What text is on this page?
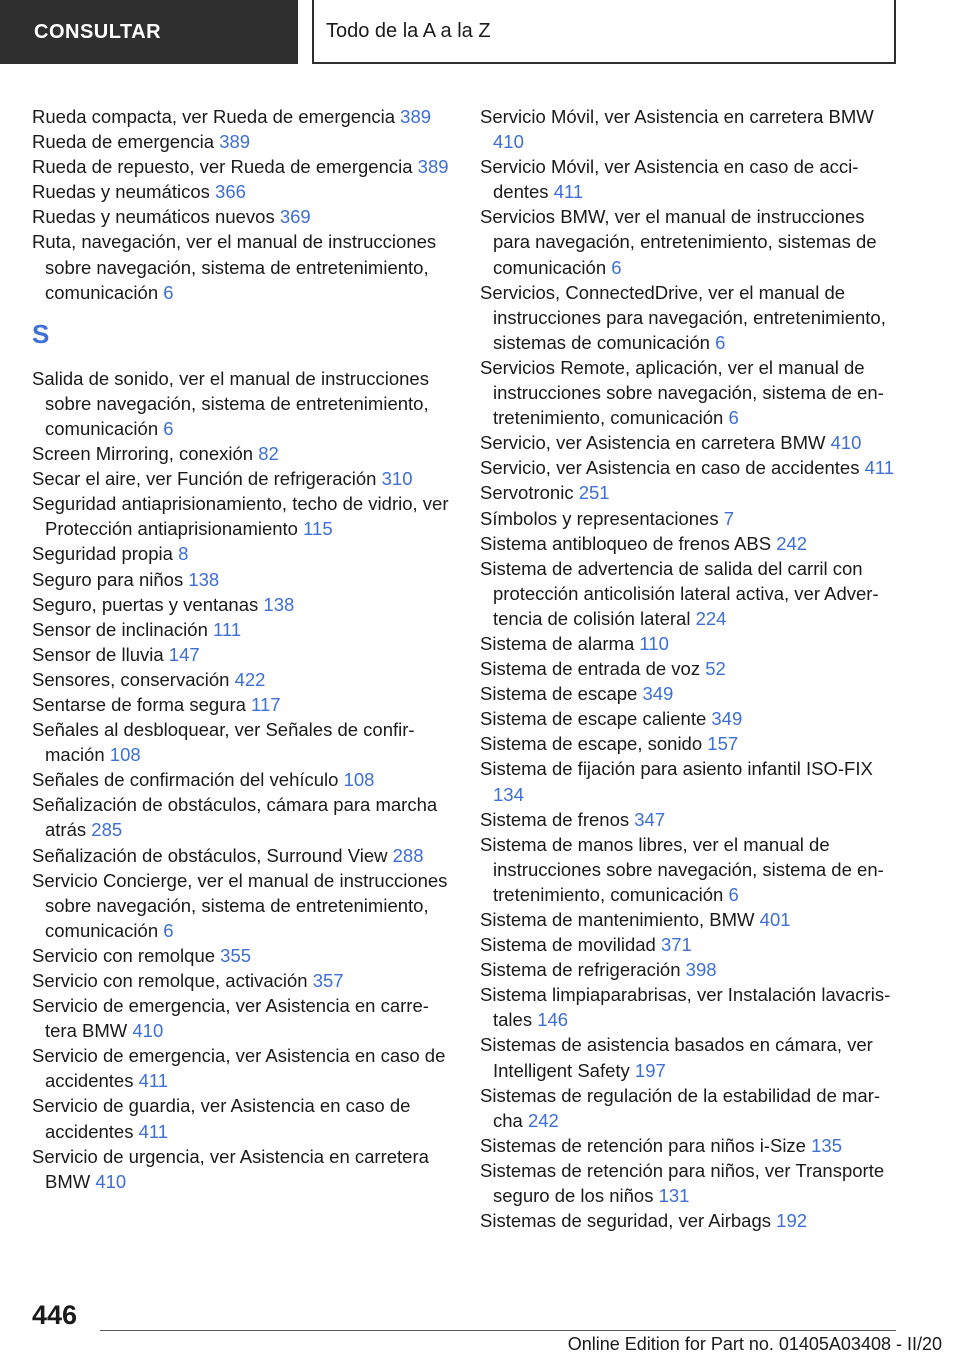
CONSULTAR	Todo de la A a la Z

Rueda compacta, ver Rueda de emergencia 389

Rueda de emergencia 389

Rueda de repuesto, ver Rueda de emergencia 389

Ruedas y neumáticos 366

Ruedas y neumáticos nuevos 369

Ruta, navegación, ver el manual de instrucciones sobre navegación, sistema de entretenimiento, comunicación 6

S

Salida de sonido, ver el manual de instrucciones sobre navegación, sistema de entretenimiento, comunicación 6

Screen Mirroring, conexión 82

Secar el aire, ver Función de refrigeración 310

Seguridad antiaprisionamiento, techo de vidrio, ver Protección antiaprisionamiento 115

Seguridad propia 8

Seguro para niños 138

Seguro, puertas y ventanas 138

Sensor de inclinación 111

Sensor de lluvia 147

Sensores, conservación 422

Sentarse de forma segura 117

Señales al desbloquear, ver Señales de confirmación 108

Señales de confirmación del vehículo 108

Señalización de obstáculos, cámara para marcha atrás 285

Señalización de obstáculos, Surround View 288

Servicio Concierge, ver el manual de instrucciones sobre navegación, sistema de entretenimiento, comunicación 6

Servicio con remolque 355

Servicio con remolque, activación 357

Servicio de emergencia, ver Asistencia en carretera BMW 410

Servicio de emergencia, ver Asistencia en caso de accidentes 411

Servicio de guardia, ver Asistencia en caso de accidentes 411

Servicio de urgencia, ver Asistencia en carretera BMW 410

Servicio Móvil, ver Asistencia en carretera BMW 410

Servicio Móvil, ver Asistencia en caso de accidentes 411

Servicios BMW, ver el manual de instrucciones para navegación, entretenimiento, sistemas de comunicación 6

Servicios, ConnectedDrive, ver el manual de instrucciones para navegación, entretenimiento, sistemas de comunicación 6

Servicios Remote, aplicación, ver el manual de instrucciones sobre navegación, sistema de entretenimiento, comunicación 6

Servicio, ver Asistencia en carretera BMW 410

Servicio, ver Asistencia en caso de accidentes 411

Servotronic 251

Símbolos y representaciones 7

Sistema antibloqueo de frenos ABS 242

Sistema de advertencia de salida del carril con protección anticolisión lateral activa, ver Advertencia de colisión lateral 224

Sistema de alarma 110

Sistema de entrada de voz 52

Sistema de escape 349

Sistema de escape caliente 349

Sistema de escape, sonido 157

Sistema de fijación para asiento infantil ISO-FIX 134

Sistema de frenos 347

Sistema de manos libres, ver el manual de instrucciones sobre navegación, sistema de entretenimiento, comunicación 6

Sistema de mantenimiento, BMW 401

Sistema de movilidad 371

Sistema de refrigeración 398

Sistema limpiaparabrisas, ver Instalación lavacristales 146

Sistemas de asistencia basados en cámara, ver Intelligent Safety 197

Sistemas de regulación de la estabilidad de marcha 242

Sistemas de retención para niños i-Size 135

Sistemas de retención para niños, ver Transporte seguro de los niños 131

Sistemas de seguridad, ver Airbags 192

446
Online Edition for Part no. 01405A03408 - II/20
